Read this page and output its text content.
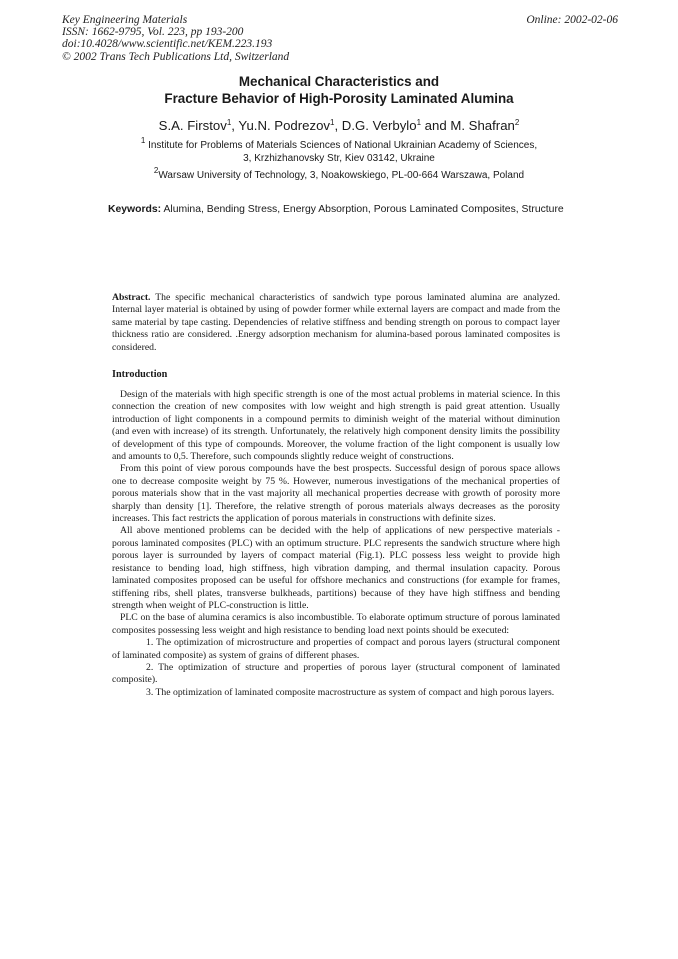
Key Engineering Materials
ISSN: 1662-9795, Vol. 223, pp 193-200
doi:10.4028/www.scientific.net/KEM.223.193
© 2002 Trans Tech Publications Ltd, Switzerland
Online: 2002-02-06
Mechanical Characteristics and
Fracture Behavior of High-Porosity Laminated Alumina
S.A. Firstov$^1$, Yu.N. Podrezov$^1$, D.G. Verbylo$^1$ and M. Shafran$^2$
$^1$ Institute for Problems of Materials Sciences of National Ukrainian Academy of Sciences,
3, Krzhizhanovsky Str, Kiev 03142, Ukraine
$^2$Warsaw University of Technology, 3, Noakowskiego, PL-00-664 Warszawa, Poland
Keywords: Alumina, Bending Stress, Energy Absorption, Porous Laminated Composites, Structure
Abstract. The specific mechanical characteristics of sandwich type porous laminated alumina are analyzed. Internal layer material is obtained by using of powder former while external layers are compact and made from the same material by tape casting. Dependencies of relative stiffness and bending strength on porous to compact layer thickness ratio are considered. .Energy adsorption mechanism for alumina-based porous laminated composites is considered.
Introduction

Design of the materials with high specific strength is one of the most actual problems in material science. In this connection the creation of new composites with low weight and high strength is paid great attention. Usually introduction of light components in a compound permits to diminish weight of the material without diminution (and even with increase) of its strength. Unfortunately, the relatively high component density limits the possibility of development of this type of compounds. Moreover, the volume fraction of the light component is usually low and amounts to 0,5. Therefore, such compounds slightly reduce weight of constructions.

From this point of view porous compounds have the best prospects. Successful design of porous space allows one to decrease composite weight by 75 %. However, numerous investigations of the mechanical properties of porous materials show that in the vast majority all mechanical properties decrease with growth of porosity more sharply than density [1]. Therefore, the relative strength of porous materials always decreases as the porosity increases. This fact restricts the application of porous materials in constructions with definite sizes.

All above mentioned problems can be decided with the help of applications of new perspective materials - porous laminated composites (PLC) with an optimum structure. PLC represents the sandwich structure where high porous layer is surrounded by layers of compact material (Fig.1). PLC possess less weight to provide high resistance to bending load, high stiffness, high vibration damping, and thermal insulation capacity. Porous laminated composites proposed can be useful for offshore mechanics and constructions (for example for frames, stiffening ribs, shell plates, transverse bulkheads, partitions) because of they have high stiffness and bending strength when weight of PLC-construction is little.

PLC on the base of alumina ceramics is also incombustible. To elaborate optimum structure of porous laminated composites possessing less weight and high resistance to bending load next points should be executed:

1. The optimization of microstructure and properties of compact and porous layers (structural component of laminated composite) as system of grains of different phases.

2. The optimization of structure and properties of porous layer (structural component of laminated composite).

3. The optimization of laminated composite macrostructure as system of compact and high porous layers.
